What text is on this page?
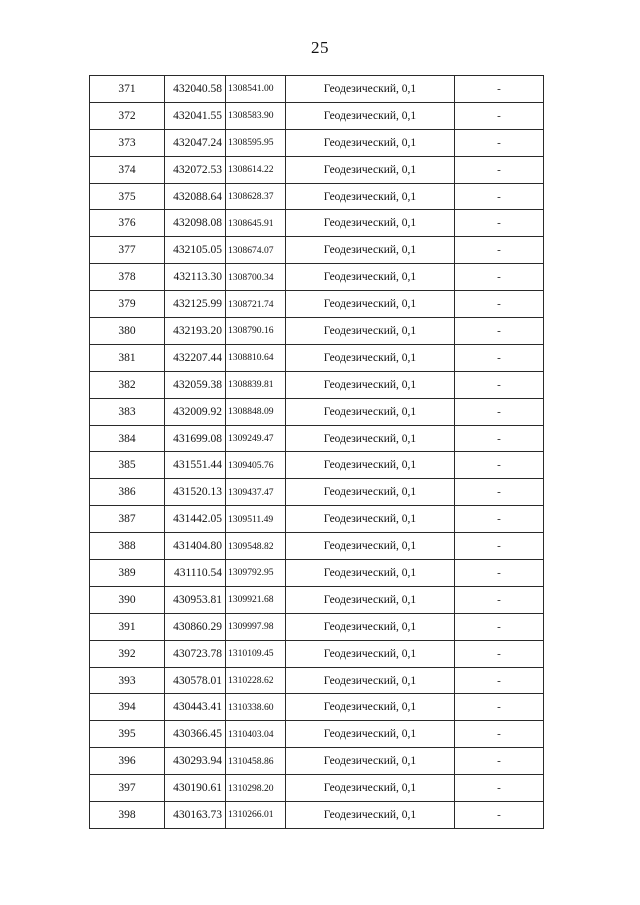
25
371	432040.58	1308541.00	Геодезический, 0,1	-
372	432041.55	1308583.90	Геодезический, 0,1	-
373	432047.24	1308595.95	Геодезический, 0,1	-
374	432072.53	1308614.22	Геодезический, 0,1	-
375	432088.64	1308628.37	Геодезический, 0,1	-
376	432098.08	1308645.91	Геодезический, 0,1	-
377	432105.05	1308674.07	Геодезический, 0,1	-
378	432113.30	1308700.34	Геодезический, 0,1	-
379	432125.99	1308721.74	Геодезический, 0,1	-
380	432193.20	1308790.16	Геодезический, 0,1	-
381	432207.44	1308810.64	Геодезический, 0,1	-
382	432059.38	1308839.81	Геодезический, 0,1	-
383	432009.92	1308848.09	Геодезический, 0,1	-
384	431699.08	1309249.47	Геодезический, 0,1	-
385	431551.44	1309405.76	Геодезический, 0,1	-
386	431520.13	1309437.47	Геодезический, 0,1	-
387	431442.05	1309511.49	Геодезический, 0,1	-
388	431404.80	1309548.82	Геодезический, 0,1	-
389	431110.54	1309792.95	Геодезический, 0,1	-
390	430953.81	1309921.68	Геодезический, 0,1	-
391	430860.29	1309997.98	Геодезический, 0,1	-
392	430723.78	1310109.45	Геодезический, 0,1	-
393	430578.01	1310228.62	Геодезический, 0,1	-
394	430443.41	1310338.60	Геодезический, 0,1	-
395	430366.45	1310403.04	Геодезический, 0,1	-
396	430293.94	1310458.86	Геодезический, 0,1	-
397	430190.61	1310298.20	Геодезический, 0,1	-
398	430163.73	1310266.01	Геодезический, 0,1	-
